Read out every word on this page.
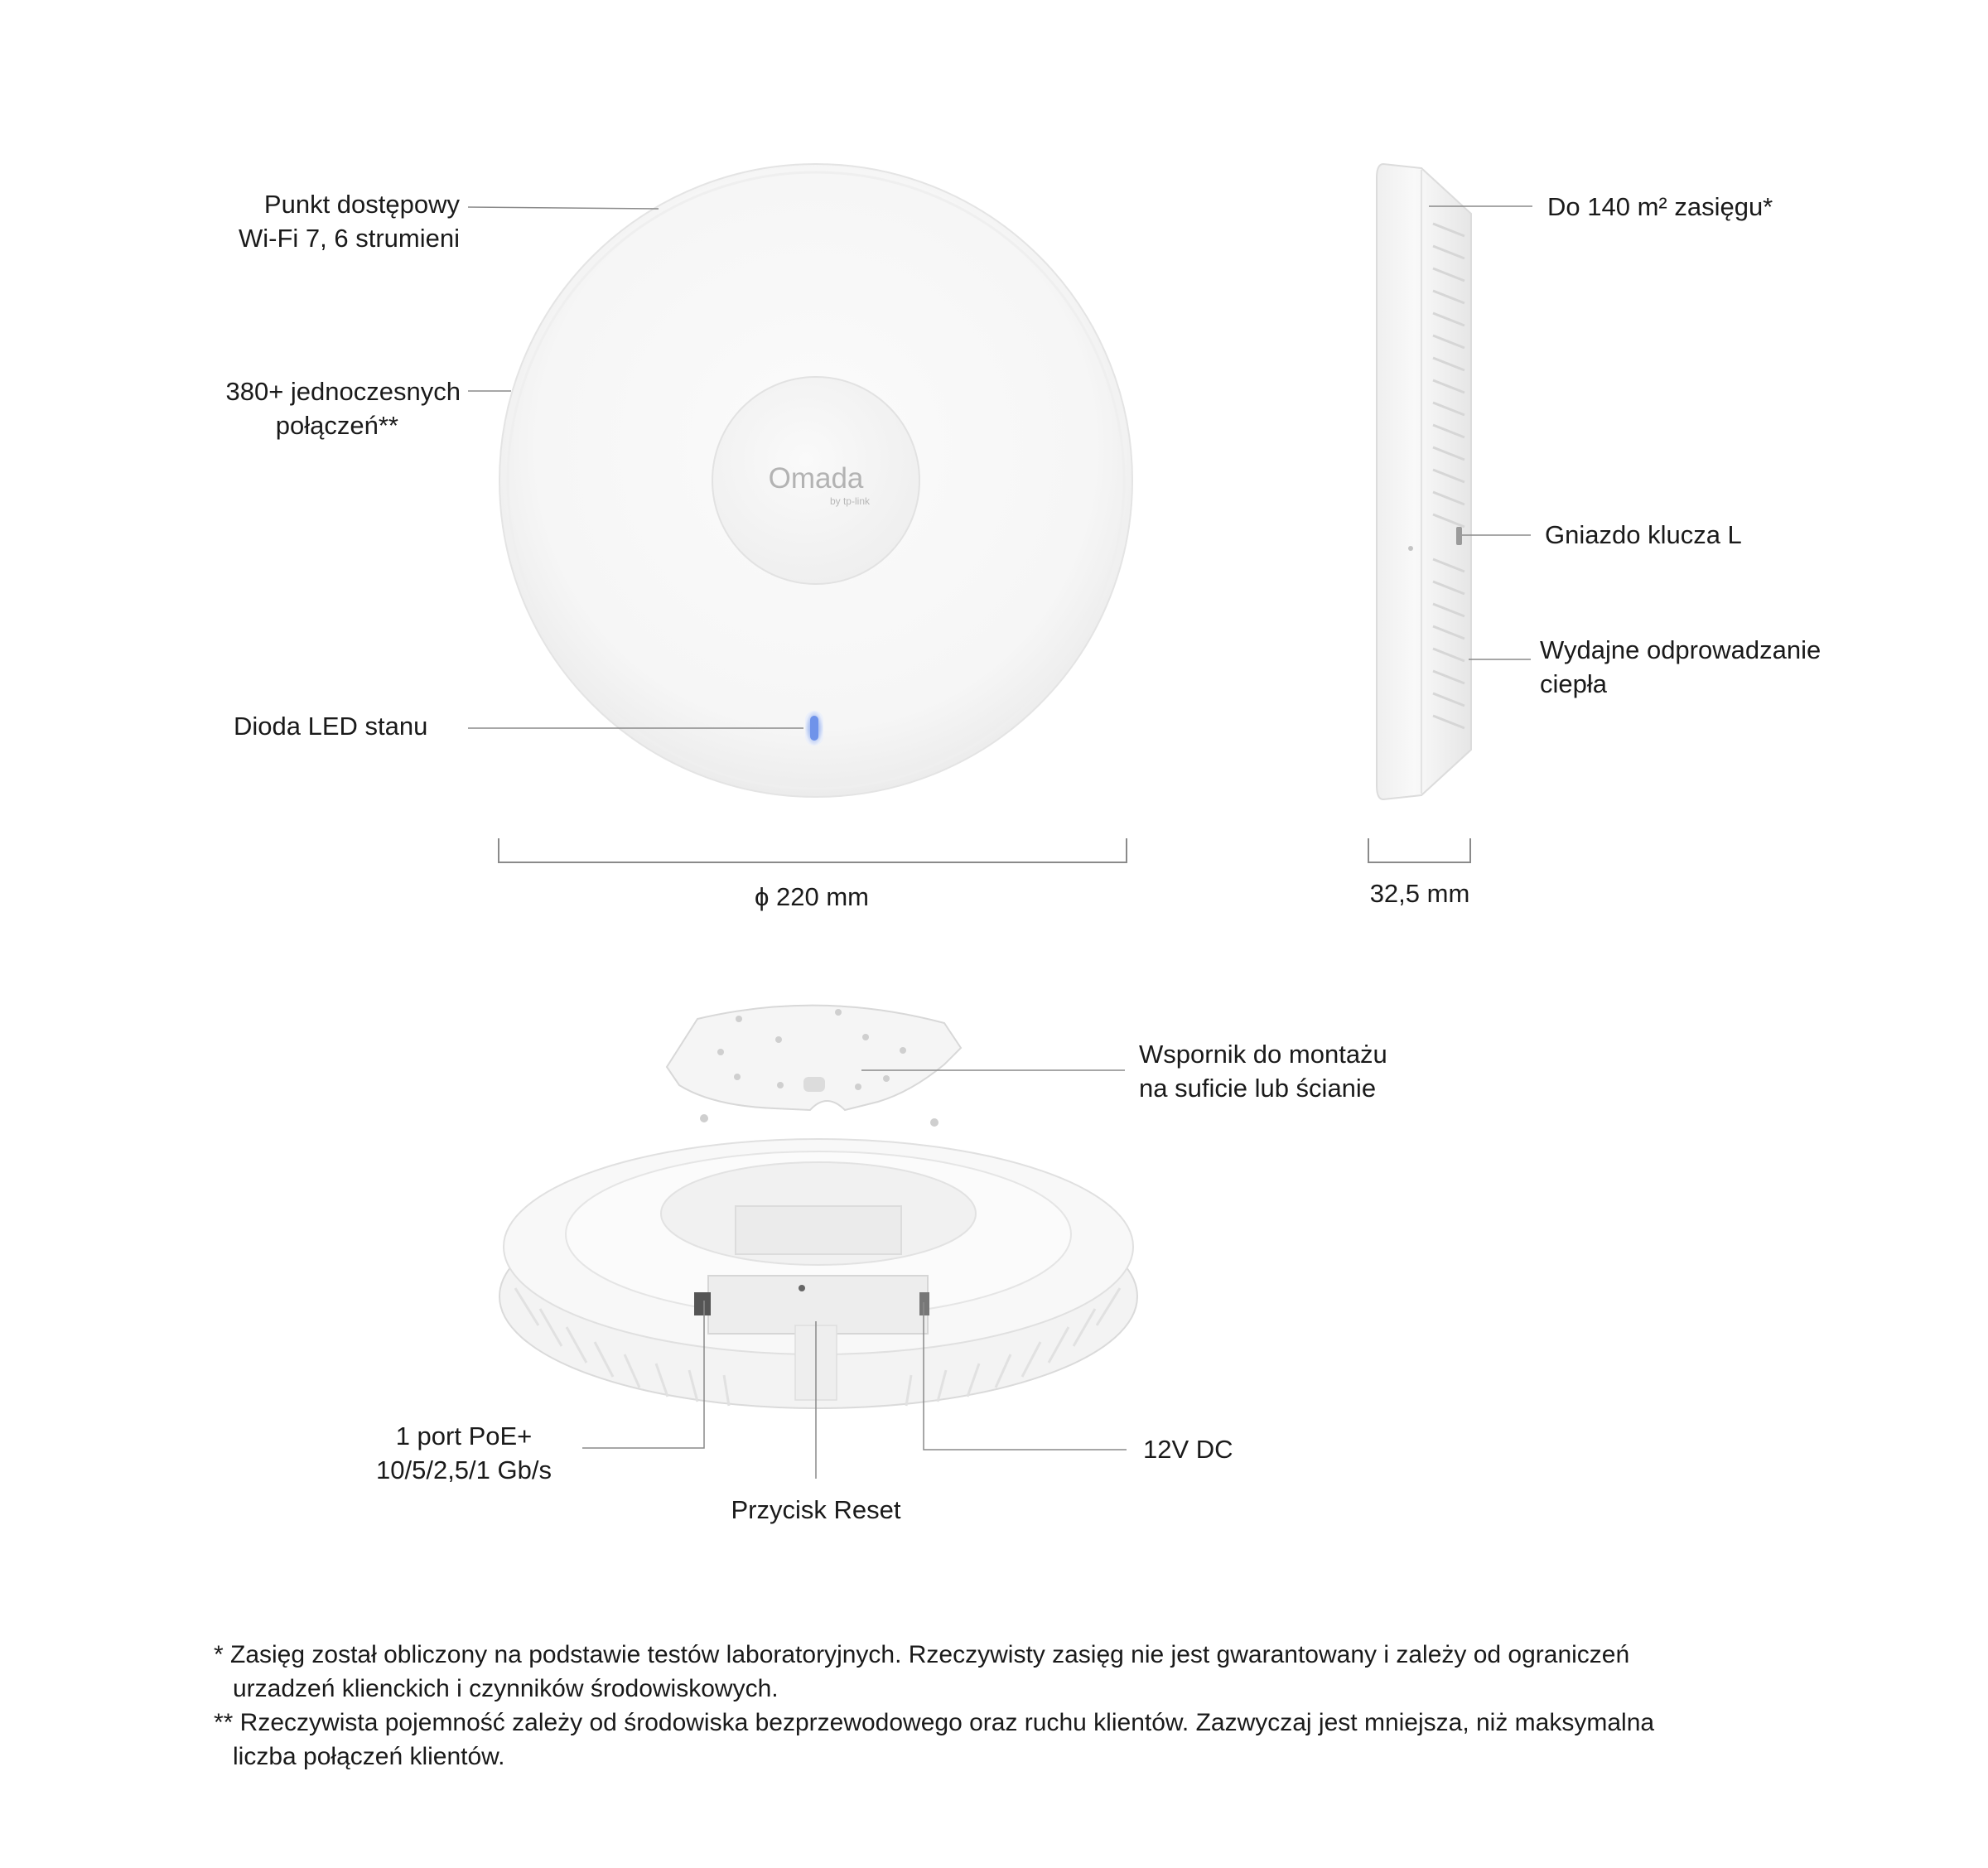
Omada
by tp-link
Punkt dostępowy
Wi-Fi 7, 6 strumieni
380+ jednoczesnych
połączeń**
Dioda LED stanu
ϕ 220 mm
Do 140 m² zasięgu*
Gniazdo klucza L
Wydajne odprowadzanie
ciepła
32,5 mm
Wspornik do montażu
na suficie lub ścianie
1 port PoE+
10/5/2,5/1 Gb/s
Przycisk Reset
12V DC

* Zasięg został obliczony na podstawie testów laboratoryjnych. Rzeczywisty zasięg nie jest gwarantowany i zależy od ograniczeń

urzadzeń klienckich i czynników środowiskowych.

** Rzeczywista pojemność zależy od środowiska bezprzewodowego oraz ruchu klientów. Zazwyczaj jest mniejsza, niż maksymalna

liczba połączeń klientów.
